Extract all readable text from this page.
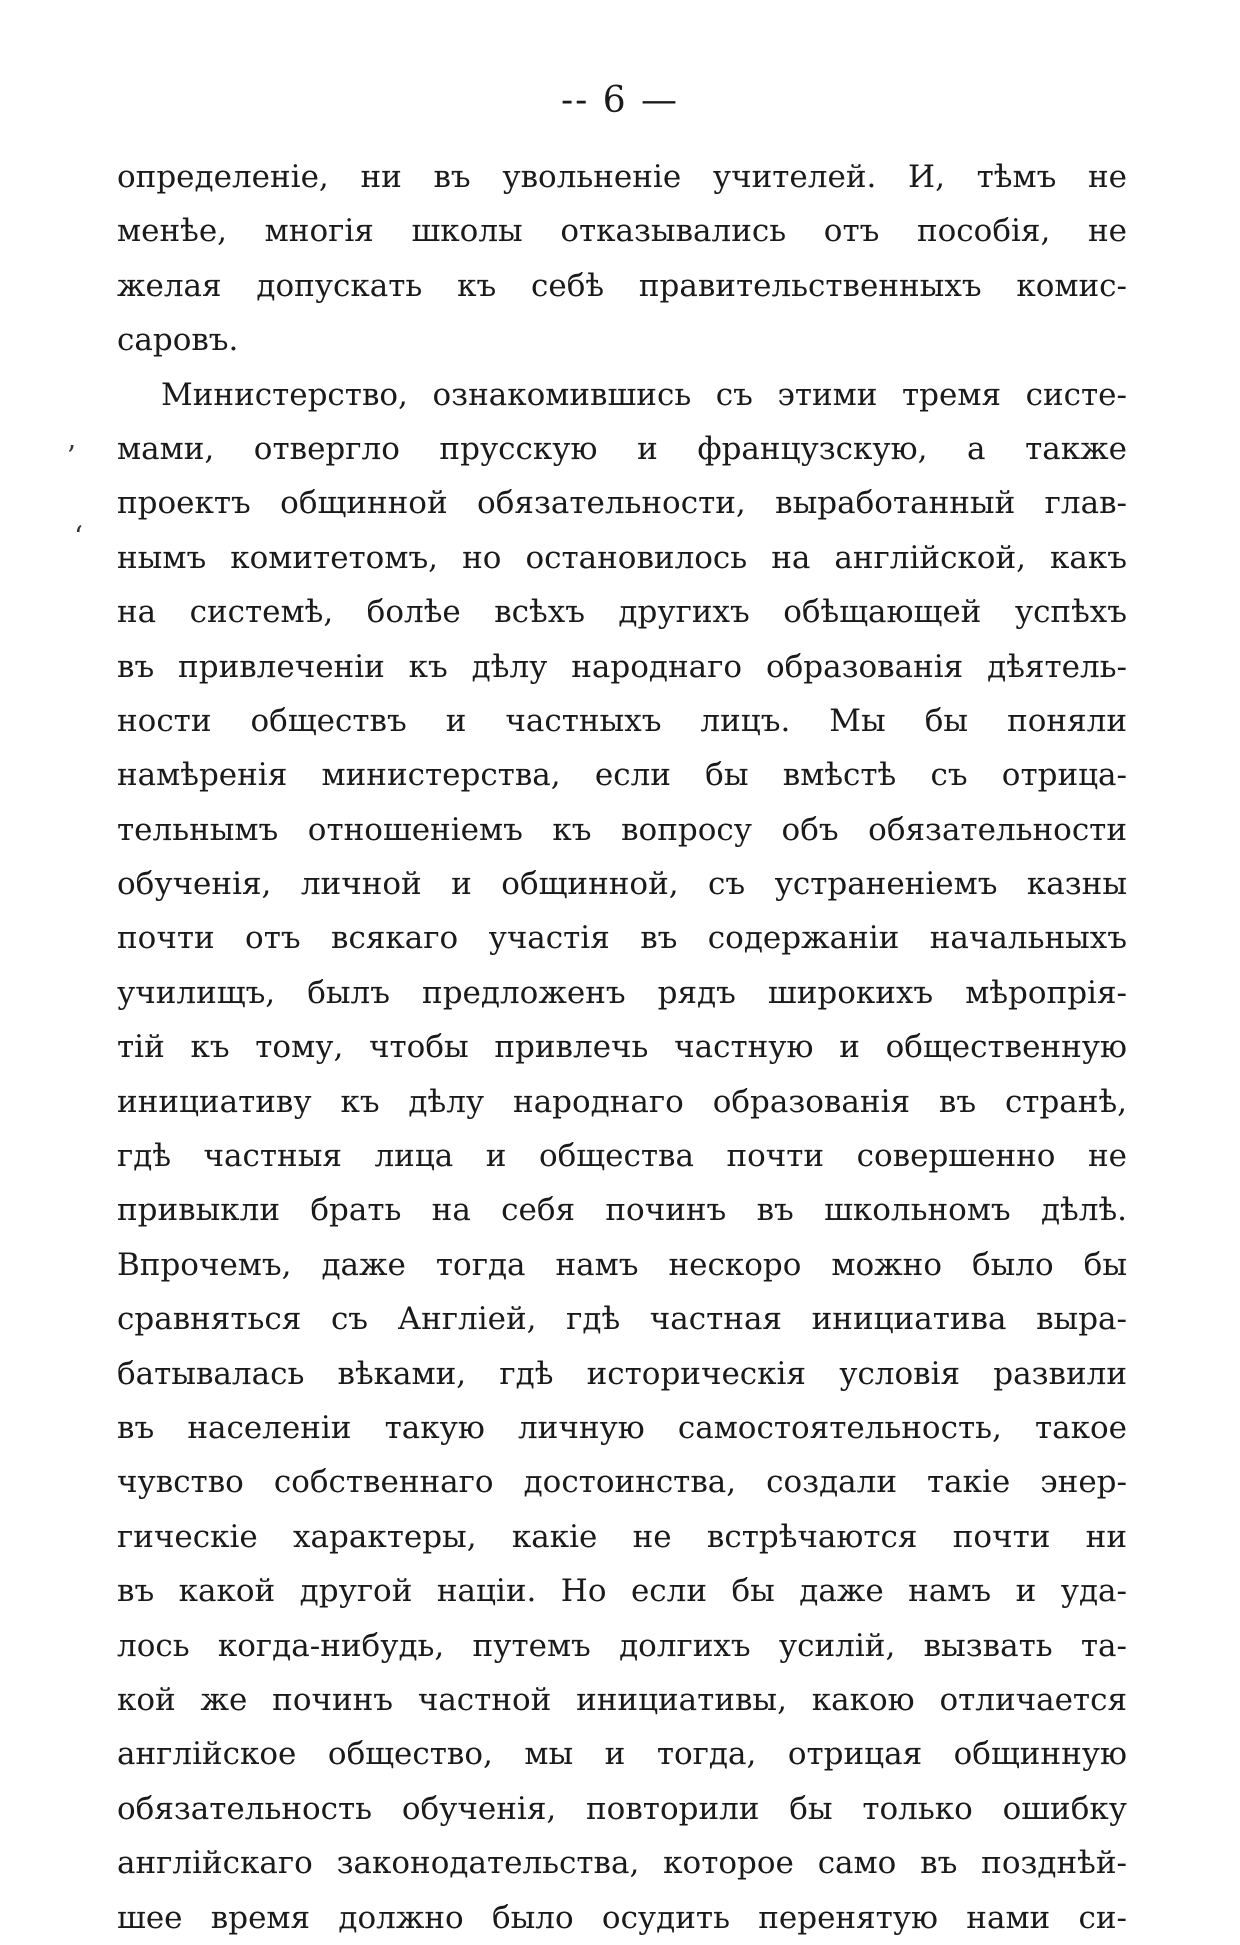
-- 6 —
ʼ
ʻ
определеніе, ни въ увольненіе учителей. И, тѣмъ не
менѣе, многія школы отказывались отъ пособія, не
желая допускать къ себѣ правительственныхъ комис-
саровъ.
Министерство, ознакомившись съ этими тремя систе-
мами, отвергло прусскую и французскую, а также
проектъ общинной обязательности, выработанный глав-
нымъ комитетомъ, но остановилось на англійской, какъ
на системѣ, болѣе всѣхъ другихъ обѣщающей успѣхъ
въ привлеченіи къ дѣлу народнаго образованія дѣятель-
ности обществъ и частныхъ лицъ. Мы бы поняли
намѣренія министерства, если бы вмѣстѣ съ отрица-
тельнымъ отношеніемъ къ вопросу объ обязательности
обученія, личной и общинной, съ устраненіемъ казны
почти отъ всякаго участія въ содержаніи начальныхъ
училищъ, былъ предложенъ рядъ широкихъ мѣропрія-
тій къ тому, чтобы привлечь частную и общественную
инициативу къ дѣлу народнаго образованія въ странѣ,
гдѣ частныя лица и общества почти совершенно не
привыкли брать на себя починъ въ школьномъ дѣлѣ.
Впрочемъ, даже тогда намъ нескоро можно было бы
сравняться съ Англіей, гдѣ частная инициатива выра-
батывалась вѣками, гдѣ историческія условія развили
въ населеніи такую личную самостоятельность, такое
чувство собственнаго достоинства, создали такіе энер-
гическіе характеры, какіе не встрѣчаются почти ни
въ какой другой націи. Но если бы даже намъ и уда-
лось когда-нибудь, путемъ долгихъ усилій, вызвать та-
кой же починъ частной инициативы, какою отличается
англійское общество, мы и тогда, отрицая общинную
обязательность обученія, повторили бы только ошибку
англійскаго законодательства, которое само въ позднѣй-
шее время должно было осудить перенятую нами си-
